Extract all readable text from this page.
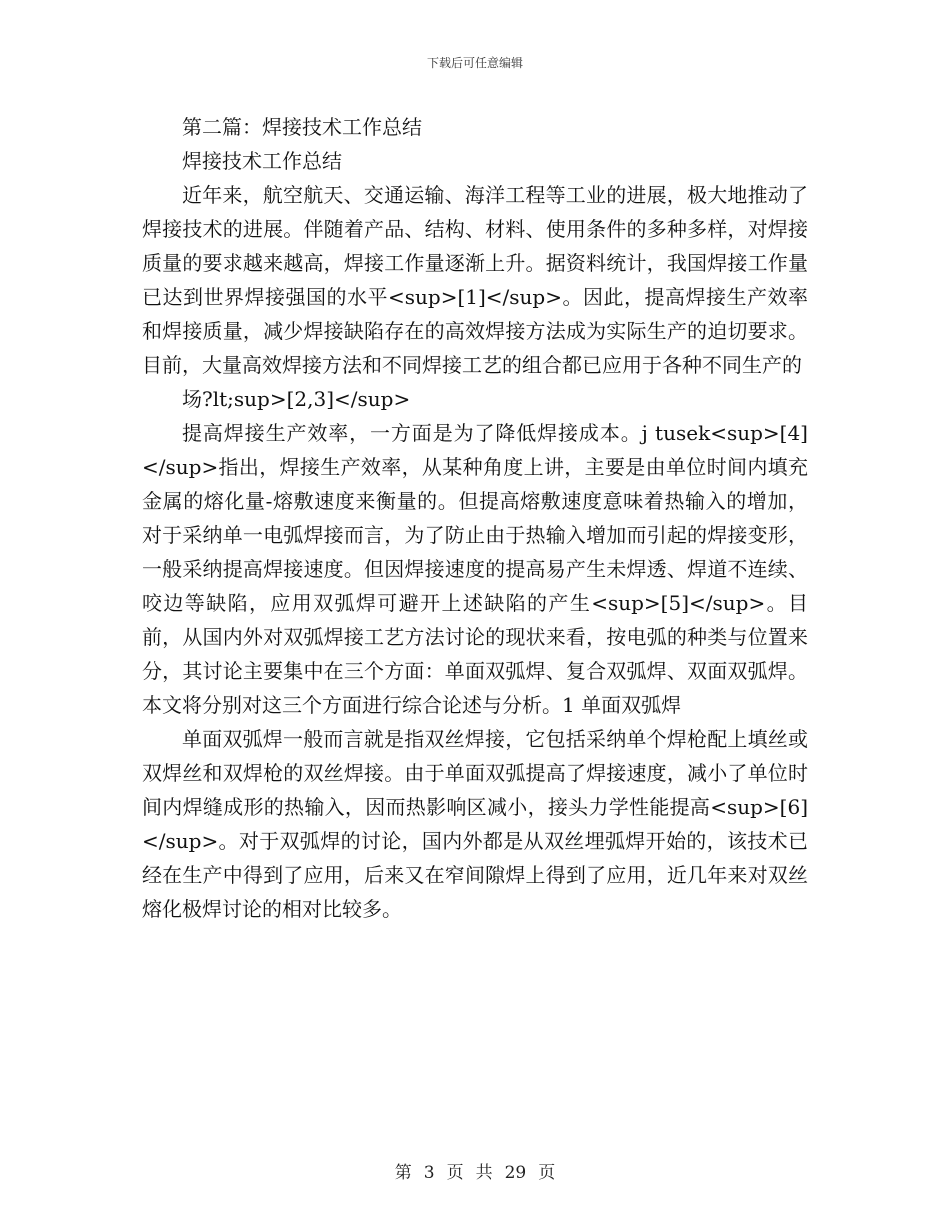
下载后可任意编辑

第二篇：焊接技术工作总结

焊接技术工作总结

近年来，航空航天、交通运输、海洋工程等工业的进展，极大地推动了焊接技术的进展。伴随着产品、结构、材料、使用条件的多种多样，对焊接质量的要求越来越高，焊接工作量逐渐上升。据资料统计，我国焊接工作量已达到世界焊接强国的水平<sup>[1]</sup>。因此，提高焊接生产效率和焊接质量，减少焊接缺陷存在的高效焊接方法成为实际生产的迫切要求。目前，大量高效焊接方法和不同焊接工艺的组合都已应用于各种不同生产的

场?lt;sup>[2,3]</sup>

提高焊接生产效率，一方面是为了降低焊接成本。j tusek<sup>[4]</sup>指出，焊接生产效率，从某种角度上讲，主要是由单位时间内填充金属的熔化量-熔敷速度来衡量的。但提高熔敷速度意味着热输入的增加，对于采纳单一电弧焊接而言，为了防止由于热输入增加而引起的焊接变形，一般采纳提高焊接速度。但因焊接速度的提高易产生未焊透、焊道不连续、咬边等缺陷，应用双弧焊可避开上述缺陷的产生<sup>[5]</sup>。目前，从国内外对双弧焊接工艺方法讨论的现状来看，按电弧的种类与位置来分，其讨论主要集中在三个方面：单面双弧焊、复合双弧焊、双面双弧焊。本文将分别对这三个方面进行综合论述与分析。1 单面双弧焊

单面双弧焊一般而言就是指双丝焊接，它包括采纳单个焊枪配上填丝或双焊丝和双焊枪的双丝焊接。由于单面双弧提高了焊接速度，减小了单位时间内焊缝成形的热输入，因而热影响区减小，接头力学性能提高<sup>[6]</sup>。对于双弧焊的讨论，国内外都是从双丝埋弧焊开始的，该技术已经在生产中得到了应用，后来又在窄间隙焊上得到了应用，近几年来对双丝熔化极焊讨论的相对比较多。

第 3 页 共 29 页
